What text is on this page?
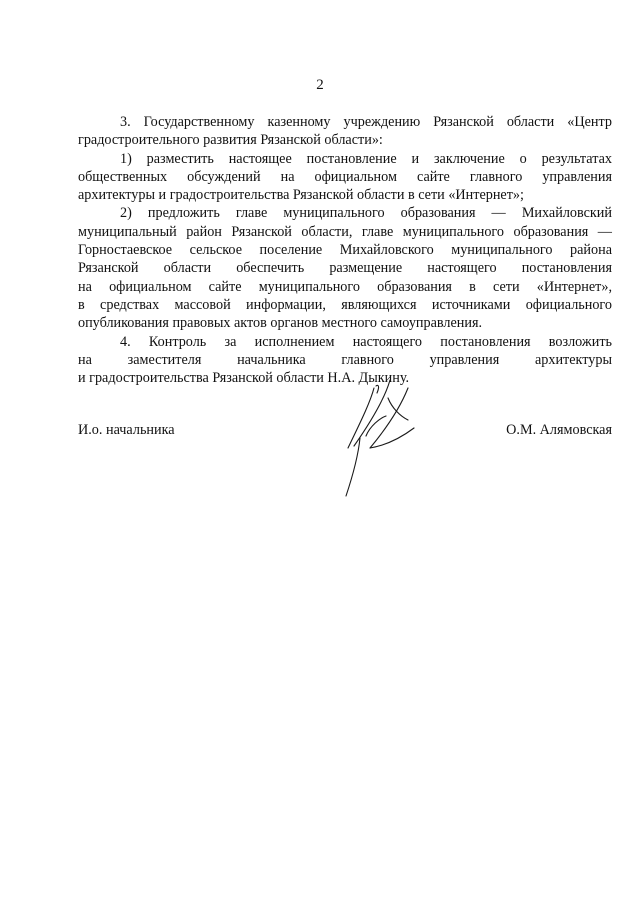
2

3. Государственному казенному учреждению Рязанской области «Центр
градостроительного развития Рязанской области»:

1) разместить настоящее постановление и заключение о результатах
общественных обсуждений на официальном сайте главного управления
архитектуры и градостроительства Рязанской области в сети «Интернет»;

2) предложить главе муниципального образования — Михайловский
муниципальный район Рязанской области, главе муниципального образования —
Горностаевское сельское поселение Михайловского муниципального района
Рязанской области обеспечить размещение настоящего постановления
на официальном сайте муниципального образования в сети «Интернет»,
в средствах массовой информации, являющихся источниками официального
опубликования правовых актов органов местного самоуправления.

4. Контроль за исполнением настоящего постановления возложить
на заместителя начальника главного управления архитектуры
и градостроительства Рязанской области Н.А. Дыкину.

И.о. начальника	О.М. Алямовская
